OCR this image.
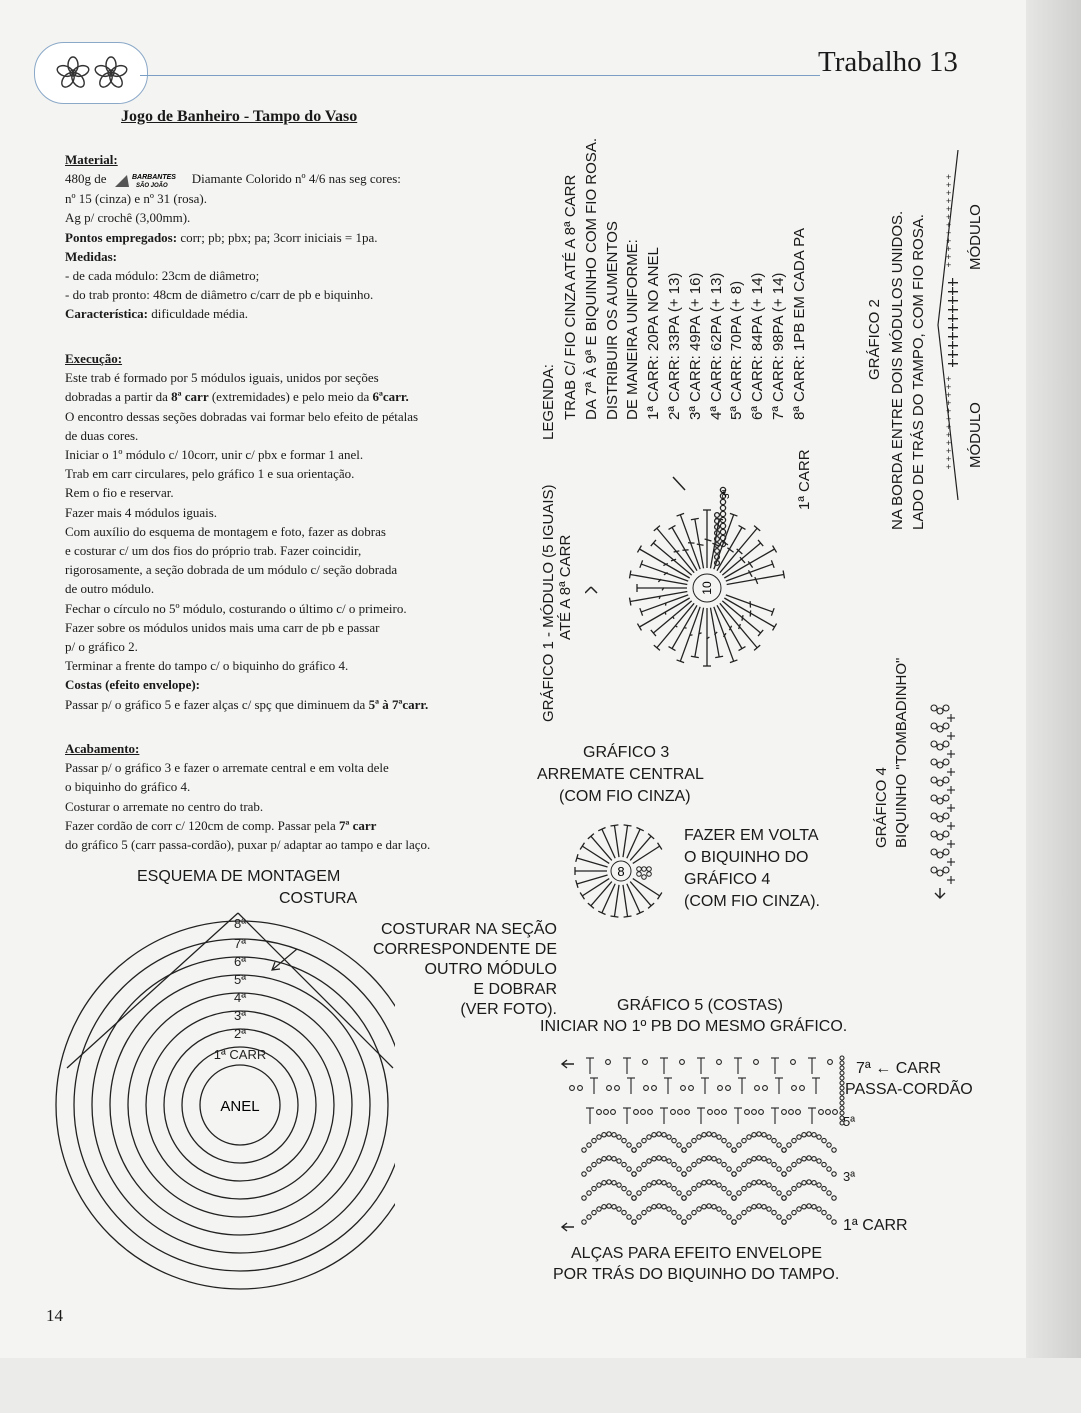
Trabalho 13
Jogo de Banheiro - Tampo do Vaso

Material:

480g de	BARBANTES
SÃO JOÃO
Diamante Colorido nº 4/6 nas seg cores:

nº 15 (cinza) e nº 31 (rosa).

Ag p/ crochê (3,00mm).

Pontos empregados: corr; pb; pbx; pa; 3corr iniciais = 1pa.

Medidas:

- de cada módulo: 23cm de diâmetro;

- do trab pronto: 48cm de diâmetro c/carr de pb e biquinho.

Característica: dificuldade média.

Execução:

Este trab é formado por 5 módulos iguais, unidos por seções

dobradas a partir da 8ª carr (extremidades) e pelo meio da 6ªcarr.

O encontro dessas seções dobradas vai formar belo efeito de pétalas

de duas cores.

Iniciar o 1º módulo c/ 10corr, unir c/ pbx e formar 1 anel.

Trab em carr circulares, pelo gráfico 1 e sua orientação.

Rem o fio e reservar.

Fazer mais 4 módulos iguais.

Com auxílio do esquema de montagem e foto, fazer as dobras

e costurar c/ um dos fios do próprio trab. Fazer coincidir,

rigorosamente, a seção dobrada de um módulo c/ seção dobrada

de outro módulo.

Fechar o círculo no 5º módulo, costurando o último c/ o primeiro.

Fazer sobre os módulos unidos mais uma carr de pb e passar

p/ o gráfico 2.

Terminar a frente do tampo c/ o biquinho do gráfico 4.

Costas (efeito envelope):

Passar p/ o gráfico 5 e fazer alças c/ spç que diminuem da 5ª à 7ªcarr.

Acabamento:

Passar p/ o gráfico 3 e fazer o arremate central e em volta dele

o biquinho do gráfico 4.

Costurar o arremate no centro do trab.

Fazer cordão de corr c/ 120cm de comp. Passar pela 7ª carr

do gráfico 5 (carr passa-cordão), puxar p/ adaptar ao tampo e dar laço.

GRÁFICO 1 - MÓDULO (5 IGUAIS) ATÉ A 8ª CARR
LEGENDA: TRAB C/ FIO CINZA ATÉ A 8ª CARR DA 7ª À 9ª E BIQUINHO COM FIO ROSA. DISTRIBUIR OS AUMENTOS DE MANEIRA UNIFORME: 1ª CARR: 20PA NO ANEL 2ª CARR: 33PA (+ 13) 3ª CARR: 49PA (+ 16) 4ª CARR: 62PA (+ 13) 5ª CARR: 70PA (+ 8) 6ª CARR: 84PA (+ 14) 7ª CARR: 98PA (+ 14) 8ª CARR: 1PB EM CADA PA
1ª CARR
10
3ª
GRÁFICO 2 NA BORDA ENTRE DOIS MÓDULOS UNIDOS. LADO DE TRÁS DO TAMPO, COM FIO ROSA.
+
+
+
+
+
+
+
+
+
+
+
+
+
+
+
+
+
+
+
+
+
+
+
+ MÓDULO
MÓDULO
GRÁFICO 4 BIQUINHO "TOMBADINHO"
GRÁFICO 3
ARREMATE CENTRAL
(COM FIO CINZA)
8
FAZER EM VOLTA
O BIQUINHO DO
GRÁFICO 4
(COM FIO CINZA).
ESQUEMA DE MONTAGEM
COSTURA
8ª
7ª
6ª
5ª
4ª
3ª
2ª
1ª CARR
ANEL
COSTURAR NA SEÇÃO
CORRESPONDENTE DE
OUTRO MÓDULO
E DOBRAR
(VER FOTO).	GRÁFICO 5 (COSTAS)
INICIAR NO 1º PB DO MESMO GRÁFICO.
7ª ← CARR
PASSA-CORDÃO
5ª
3ª
1ª CARR
ALÇAS PARA EFEITO ENVELOPE
POR TRÁS DO BIQUINHO DO TAMPO.
14
